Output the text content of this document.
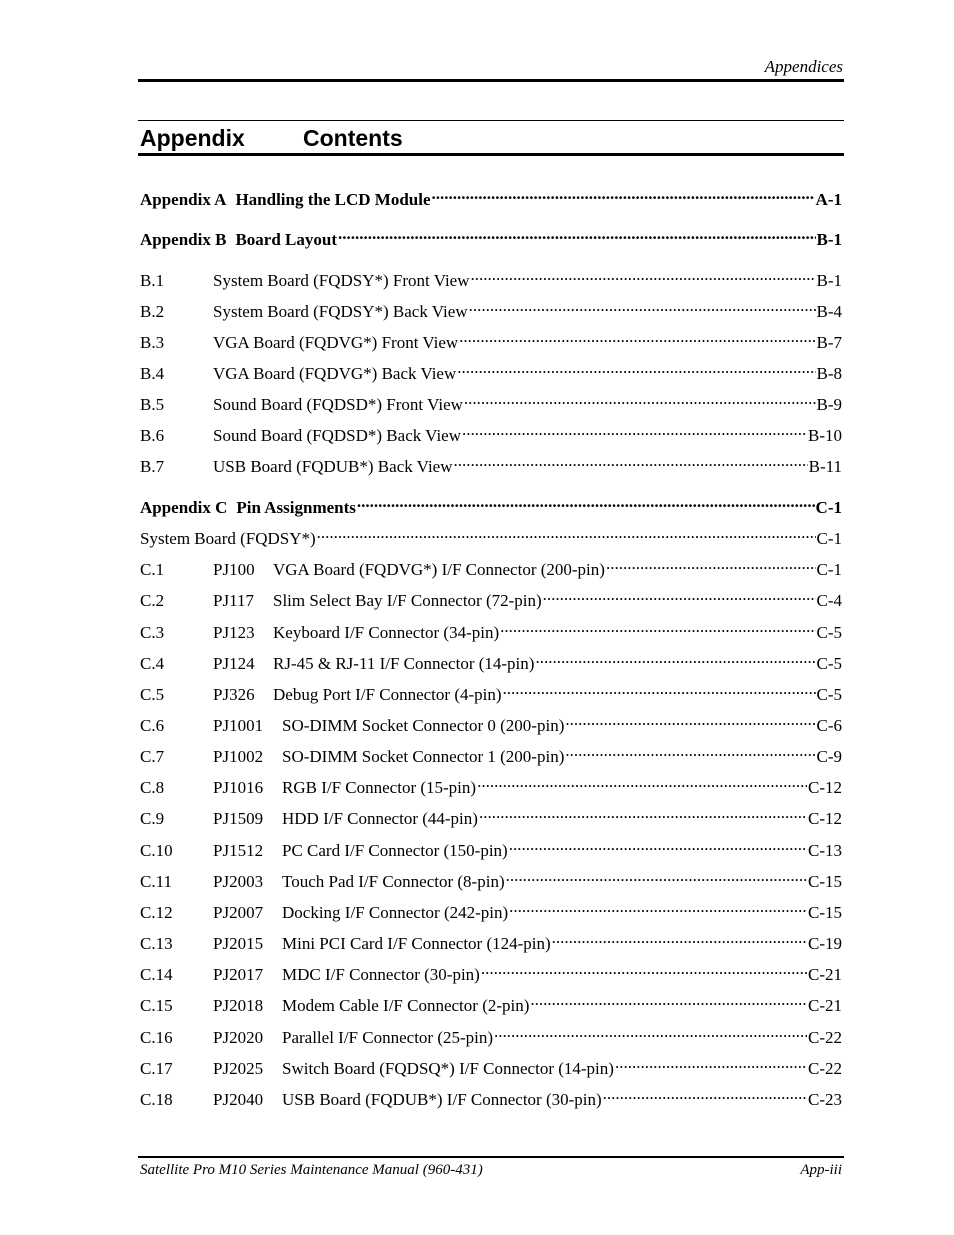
Appendices
Appendix	Contents
Appendix A Handling the LCD Module .....	A-1
Appendix B Board Layout .....	B-1
B.1	System Board (FQDSY*) Front View .....	B-1
B.2	System Board (FQDSY*) Back View .....	B-4
B.3	VGA Board (FQDVG*) Front View .....	B-7
B.4	VGA Board (FQDVG*) Back View .....	B-8
B.5	Sound Board (FQDSD*) Front View .....	B-9
B.6	Sound Board (FQDSD*) Back View .....	B-10
B.7	USB Board (FQDUB*) Back View .....	B-11
Appendix C Pin Assignments .....	C-1
System Board (FQDSY*) .....	C-1
C.1	PJ100	VGA Board (FQDVG*) I/F Connector (200-pin) .....	C-1
C.2	PJ117	Slim Select Bay I/F Connector (72-pin) .....	C-4
C.3	PJ123	Keyboard I/F Connector (34-pin) .....	C-5
C.4	PJ124	RJ-45 & RJ-11 I/F Connector (14-pin) .....	C-5
C.5	PJ326	Debug Port I/F Connector (4-pin) .....	C-5
C.6	PJ1001	SO-DIMM Socket Connector 0 (200-pin) .....	C-6
C.7	PJ1002	SO-DIMM Socket Connector 1 (200-pin) .....	C-9
C.8	PJ1016	RGB I/F Connector (15-pin) .....	C-12
C.9	PJ1509	HDD I/F Connector (44-pin) .....	C-12
C.10	PJ1512	PC Card I/F Connector (150-pin) .....	C-13
C.11	PJ2003	Touch Pad I/F Connector (8-pin) .....	C-15
C.12	PJ2007	Docking I/F Connector (242-pin) .....	C-15
C.13	PJ2015	Mini PCI Card I/F Connector (124-pin) .....	C-19
C.14	PJ2017	MDC I/F Connector (30-pin) .....	C-21
C.15	PJ2018	Modem Cable I/F Connector (2-pin) .....	C-21
C.16	PJ2020	Parallel I/F Connector (25-pin) .....	C-22
C.17	PJ2025	Switch Board (FQDSQ*) I/F Connector (14-pin) .....	C-22
C.18	PJ2040	USB Board (FQDUB*) I/F Connector (30-pin) .....	C-23
Satellite Pro M10 Series Maintenance Manual (960-431)	App-iii
